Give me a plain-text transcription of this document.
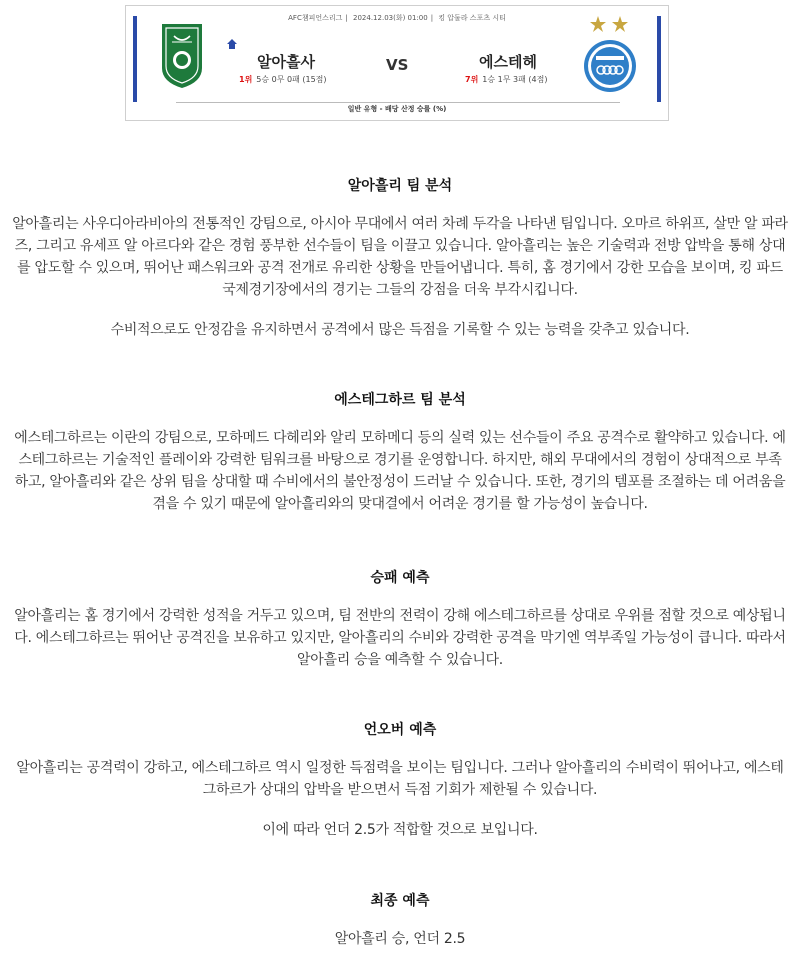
AFC챔피언스리그 | 2024.12.03(화) 01:00 | 킹 압둘라 스포츠 시티
알아흘사
1위 5승 0무 0패 (15점)
VS	에스테헤
7위 1승 1무 3패 (4점)
일반 유형 - 배당 산정 승률 (%)
알아흘리 팀 분석

알아흘리는 사우디아라비아의 전통적인 강팀으로, 아시아 무대에서 여러 차례 두각을 나타낸 팀입니다. 오마르 하위프, 살만 알 파라즈, 그리고 유세프 알 아르다와 같은 경험 풍부한 선수들이 팀을 이끌고 있습니다. 알아흘리는 높은 기술력과 전방 압박을 통해 상대를 압도할 수 있으며, 뛰어난 패스워크와 공격 전개로 유리한 상황을 만들어냅니다. 특히, 홈 경기에서 강한 모습을 보이며, 킹 파드 국제경기장에서의 경기는 그들의 강점을 더욱 부각시킵니다.

수비적으로도 안정감을 유지하면서 공격에서 많은 득점을 기록할 수 있는 능력을 갖추고 있습니다.

에스테그하르 팀 분석

에스테그하르는 이란의 강팀으로, 모하메드 다헤리와 알리 모하메디 등의 실력 있는 선수들이 주요 공격수로 활약하고 있습니다. 에스테그하르는 기술적인 플레이와 강력한 팀워크를 바탕으로 경기를 운영합니다. 하지만, 해외 무대에서의 경험이 상대적으로 부족하고, 알아흘리와 같은 상위 팀을 상대할 때 수비에서의 불안정성이 드러날 수 있습니다. 또한, 경기의 템포를 조절하는 데 어려움을 겪을 수 있기 때문에 알아흘리와의 맞대결에서 어려운 경기를 할 가능성이 높습니다.

승패 예측

알아흘리는 홈 경기에서 강력한 성적을 거두고 있으며, 팀 전반의 전력이 강해 에스테그하르를 상대로 우위를 점할 것으로 예상됩니다. 에스테그하르는 뛰어난 공격진을 보유하고 있지만, 알아흘리의 수비와 강력한 공격을 막기엔 역부족일 가능성이 큽니다. 따라서 알아흘리 승을 예측할 수 있습니다.

언오버 예측

알아흘리는 공격력이 강하고, 에스테그하르 역시 일정한 득점력을 보이는 팀입니다. 그러나 알아흘리의 수비력이 뛰어나고, 에스테그하르가 상대의 압박을 받으면서 득점 기회가 제한될 수 있습니다.

이에 따라 언더 2.5가 적합할 것으로 보입니다.

최종 예측

알아흘리 승, 언더 2.5
